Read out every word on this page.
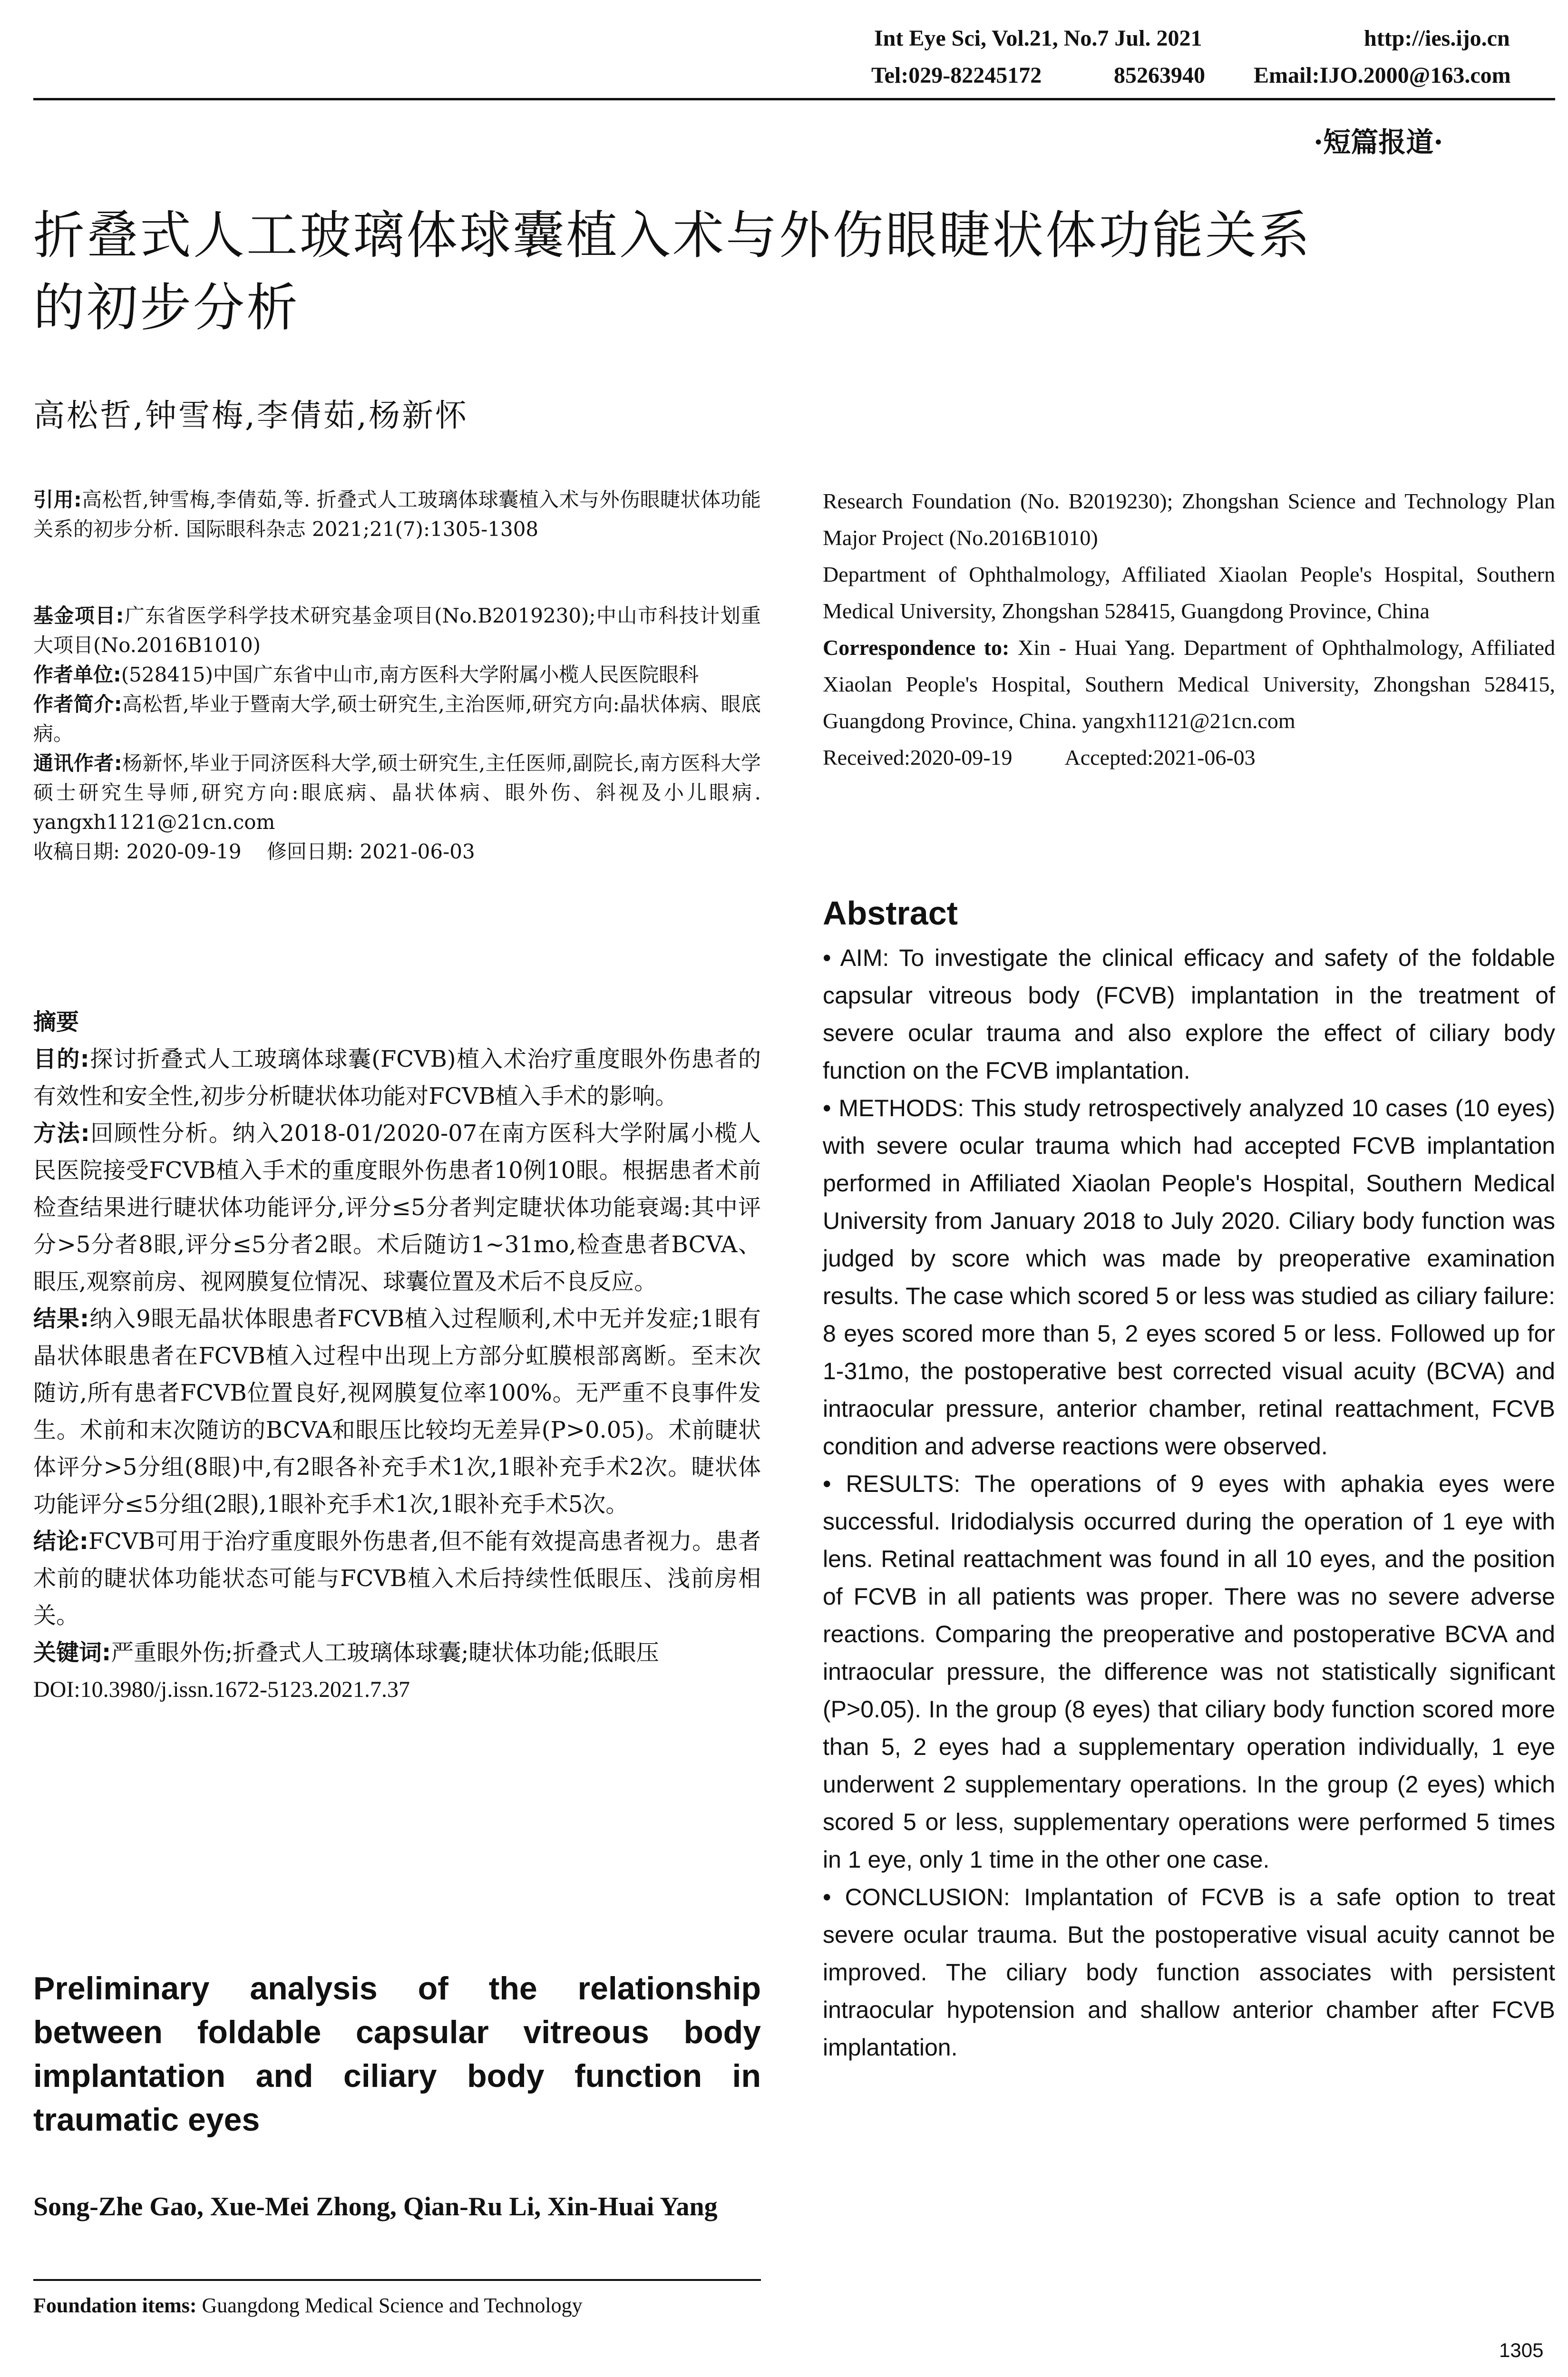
Int Eye Sci, Vol.21, No.7 Jul. 2021	http://ies.ijo.cn
Tel:029-82245172	85263940 Email:IJO.2000@163.com
·短篇报道·
折叠式人工玻璃体球囊植入术与外伤眼睫状体功能关系
的初步分析
高松哲,钟雪梅,李倩茹,杨新怀

引用:高松哲,钟雪梅,李倩茹,等. 折叠式人工玻璃体球囊植入术与外伤眼睫状体功能关系的初步分析. 国际眼科杂志 2021;21(7):1305-1308

基金项目:广东省医学科学技术研究基金项目(No.B2019230);中山市科技计划重大项目(No.2016B1010)

作者单位:(528415)中国广东省中山市,南方医科大学附属小榄人民医院眼科

作者简介:高松哲,毕业于暨南大学,硕士研究生,主治医师,研究方向:晶状体病、眼底病。

通讯作者:杨新怀,毕业于同济医科大学,硕士研究生,主任医师,副院长,南方医科大学硕士研究生导师,研究方向:眼底病、晶状体病、眼外伤、斜视及小儿眼病. yangxh1121@21cn.com

收稿日期: 2020-09-19    修回日期: 2021-06-03

摘要

目的:探讨折叠式人工玻璃体球囊(FCVB)植入术治疗重度眼外伤患者的有效性和安全性,初步分析睫状体功能对FCVB植入手术的影响。

方法:回顾性分析。纳入2018-01/2020-07在南方医科大学附属小榄人民医院接受FCVB植入手术的重度眼外伤患者10例10眼。根据患者术前检查结果进行睫状体功能评分,评分≤5分者判定睫状体功能衰竭:其中评分>5分者8眼,评分≤5分者2眼。术后随访1~31mo,检查患者BCVA、眼压,观察前房、视网膜复位情况、球囊位置及术后不良反应。

结果:纳入9眼无晶状体眼患者FCVB植入过程顺利,术中无并发症;1眼有晶状体眼患者在FCVB植入过程中出现上方部分虹膜根部离断。至末次随访,所有患者FCVB位置良好,视网膜复位率100%。无严重不良事件发生。术前和末次随访的BCVA和眼压比较均无差异(P>0.05)。术前睫状体评分>5分组(8眼)中,有2眼各补充手术1次,1眼补充手术2次。睫状体功能评分≤5分组(2眼),1眼补充手术1次,1眼补充手术5次。

结论:FCVB可用于治疗重度眼外伤患者,但不能有效提高患者视力。患者术前的睫状体功能状态可能与FCVB植入术后持续性低眼压、浅前房相关。

关键词:严重眼外伤;折叠式人工玻璃体球囊;睫状体功能;低眼压

DOI:10.3980/j.issn.1672-5123.2021.7.37

Preliminary analysis of the relationship between foldable capsular vitreous body implantation and ciliary body function in traumatic eyes
Song-Zhe Gao, Xue-Mei Zhong, Qian-Ru Li, Xin-Huai Yang
Foundation items: Guangdong Medical Science and Technology

Research Foundation (No. B2019230); Zhongshan Science and Technology Plan Major Project (No.2016B1010)

Department of Ophthalmology, Affiliated Xiaolan People's Hospital, Southern Medical University, Zhongshan 528415, Guangdong Province, China

Correspondence to: Xin - Huai Yang. Department of Ophthalmology, Affiliated Xiaolan People's Hospital, Southern Medical University, Zhongshan 528415, Guangdong Province, China. yangxh1121@21cn.com

Received:2020-09-19 Accepted:2021-06-03

Abstract

• AIM: To investigate the clinical efficacy and safety of the foldable capsular vitreous body (FCVB) implantation in the treatment of severe ocular trauma and also explore the effect of ciliary body function on the FCVB implantation.

• METHODS: This study retrospectively analyzed 10 cases (10 eyes) with severe ocular trauma which had accepted FCVB implantation performed in Affiliated Xiaolan People's Hospital, Southern Medical University from January 2018 to July 2020. Ciliary body function was judged by score which was made by preoperative examination results. The case which scored 5 or less was studied as ciliary failure: 8 eyes scored more than 5, 2 eyes scored 5 or less. Followed up for 1-31mo, the postoperative best corrected visual acuity (BCVA) and intraocular pressure, anterior chamber, retinal reattachment, FCVB condition and adverse reactions were observed.

• RESULTS: The operations of 9 eyes with aphakia eyes were successful. Iridodialysis occurred during the operation of 1 eye with lens. Retinal reattachment was found in all 10 eyes, and the position of FCVB in all patients was proper. There was no severe adverse reactions. Comparing the preoperative and postoperative BCVA and intraocular pressure, the difference was not statistically significant (P>0.05). In the group (8 eyes) that ciliary body function scored more than 5, 2 eyes had a supplementary operation individually, 1 eye underwent 2 supplementary operations. In the group (2 eyes) which scored 5 or less, supplementary operations were performed 5 times in 1 eye, only 1 time in the other one case.

• CONCLUSION: Implantation of FCVB is a safe option to treat severe ocular trauma. But the postoperative visual acuity cannot be improved. The ciliary body function associates with persistent intraocular hypotension and shallow anterior chamber after FCVB implantation.

1305
